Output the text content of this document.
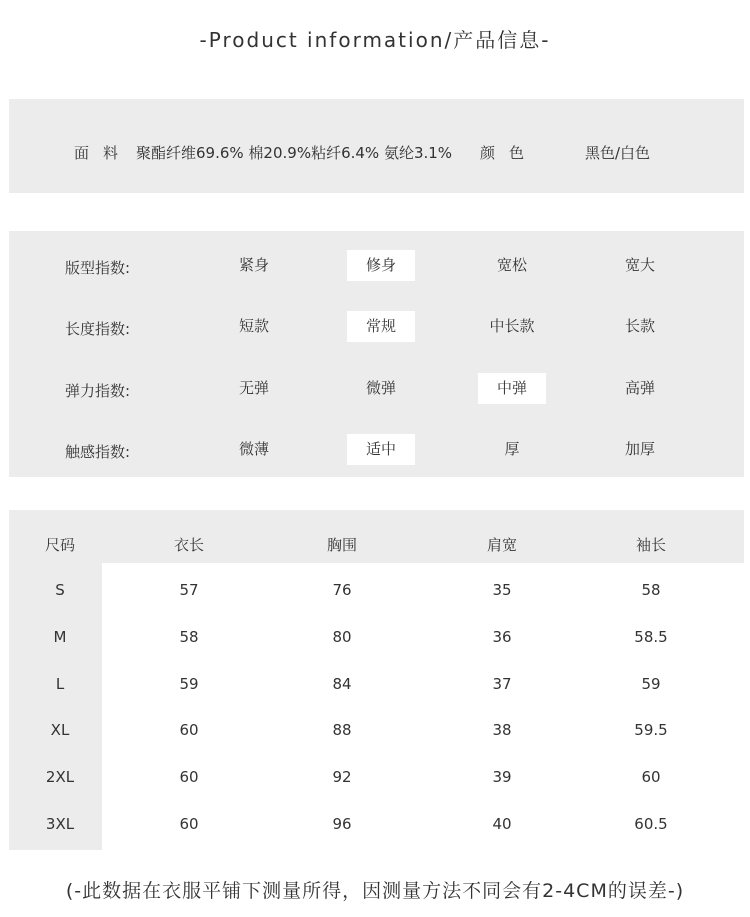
-Product information/产品信息-
面料 聚酯纤维69.6% 棉20.9%粘纤6.4% 氨纶3.1% 颜色	黑色/白色
版型指数:	紧身	修身	宽松	宽大
长度指数:	短款	常规	中长款	长款
弹力指数:	无弹	微弹	中弹	高弹
触感指数:	微薄	适中	厚	加厚
尺码	衣长	胸围	肩宽	袖长
S	57	76	35	58
M	58	80	36	58.5
L	59	84	37	59
XL	60	88	38	59.5
2XL	60	92	39	60
3XL	60	96	40	60.5
(-此数据在衣服平铺下测量所得，因测量方法不同会有2-4CM的误差-)
